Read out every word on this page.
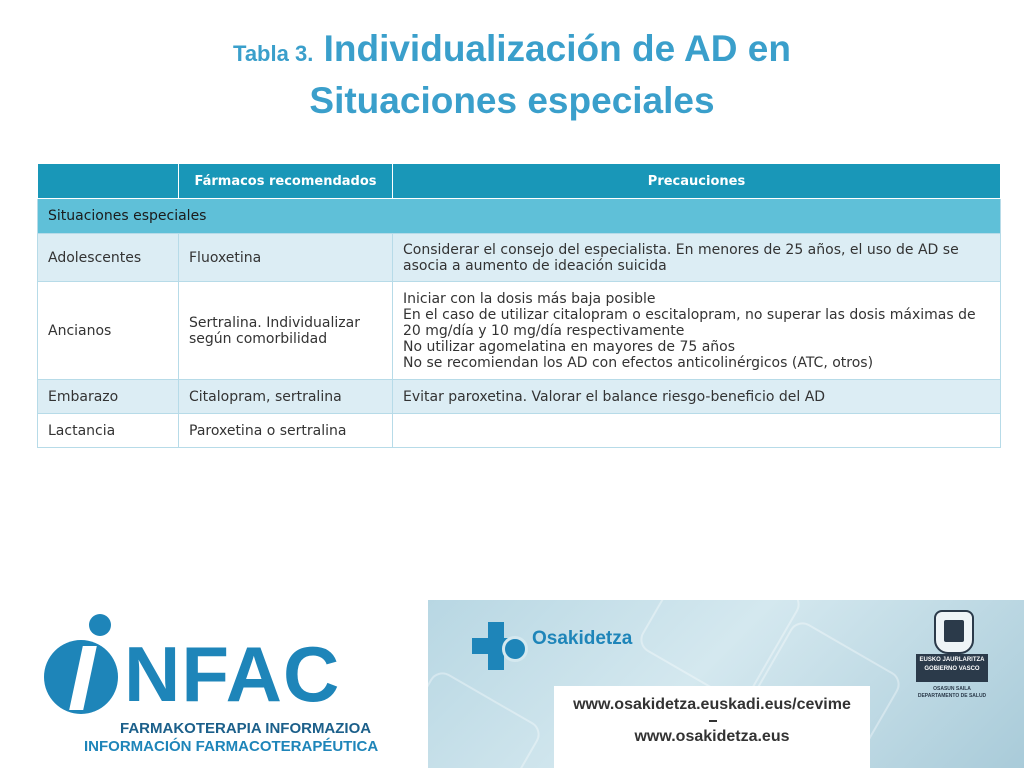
Tabla 3. Individualización de AD en
Situaciones especiales
	Fármacos recomendados	Precauciones
Situaciones especiales		
Adolescentes	Fluoxetina	Considerar el consejo del especialista. En menores de 25 años, el uso de AD se
asocia a aumento de ideación suicida

Ancianos	Sertralina. Individualizar según comorbilidad	Iniciar con la dosis más baja posible
En el caso de utilizar citalopram o escitalopram, no superar las dosis máximas de
20 mg/día y 10 mg/día respectivamente
No utilizar agomelatina en mayores de 75 años
No se recomiendan los AD con efectos anticolinérgicos (ATC, otros)

Embarazo	Citalopram, sertralina	Evitar paroxetina. Valorar el balance riesgo-beneficio del AD

Lactancia	Paroxetina o sertralina	
NFAC
FARMAKOTERAPIA INFORMAZIOA
INFORMACIÓN FARMACOTERAPÉUTICA
Osakidetza
www.osakidetza.euskadi.eus/cevime
www.osakidetza.eus
EUSKO JAURLARITZA
GOBIERNO VASCO
OSASUN SAILA
DEPARTAMENTO DE SALUD
